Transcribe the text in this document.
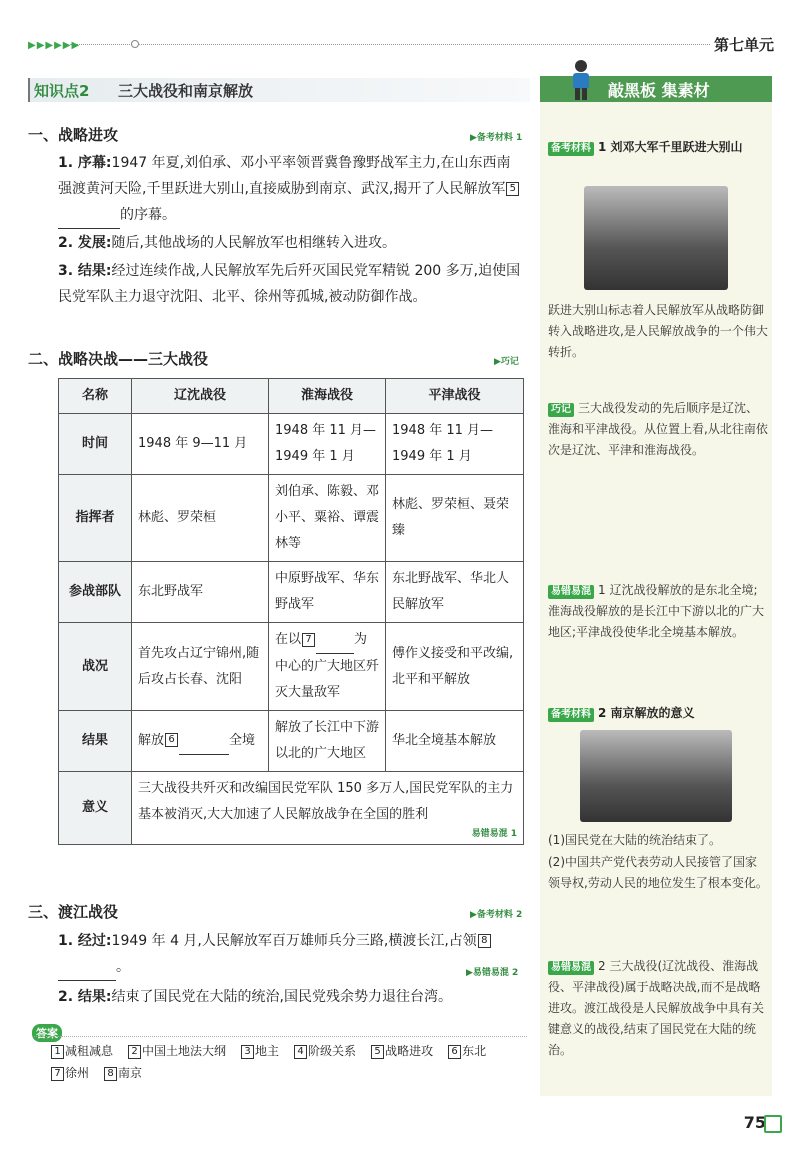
▶▶▶▶▶▶	第七单元
知识点2 三大战役和南京解放
一、战略进攻	▶备考材料 1
1. 序幕:1947 年夏,刘伯承、邓小平率领晋冀鲁豫野战军主力,在山东西南强渡黄河天险,千里跃进大别山,直接威胁到南京、武汉,揭开了人民解放军 5 的序幕。
2. 发展:随后,其他战场的人民解放军也相继转入进攻。
3. 结果:经过连续作战,人民解放军先后歼灭国民党军精锐 200 多万,迫使国民党军队主力退守沈阳、北平、徐州等孤城,被动防御作战。
二、战略决战——三大战役	▶巧记
名称	辽沈战役	淮海战役	平津战役
时间	1948 年 9—11 月	1948 年 11 月—1949 年 1 月	1948 年 11 月—1949 年 1 月
指挥者	林彪、罗荣桓	刘伯承、陈毅、邓小平、粟裕、谭震林等	林彪、罗荣桓、聂荣臻
参战部队	东北野战军	中原野战军、华东野战军	东北野战军、华北人民解放军
战况	首先攻占辽宁锦州,随后攻占长春、沈阳	在以 7 为中心的广大地区歼灭大量敌军	傅作义接受和平改编,北平和平解放
结果	解放 6 全境	解放了长江中下游以北的广大地区	华北全境基本解放
意义	三大战役共歼灭和改编国民党军队 150 多万人,国民党军队的主力基本被消灭,大大加速了人民解放战争在全国的胜利
易错易混 1		
三、渡江战役	▶备考材料 2
1. 经过:1949 年 4 月,人民解放军百万雄师兵分三路,横渡长江,占领 8 。	▶易错易混 2
2. 结果:结束了国民党在大陆的统治,国民党残余势力退往台湾。
答案
1 减租减息 2 中国土地法大纲 3 地主 4 阶级关系 5 战略进攻 6 东北
7 徐州 8 南京
敲黑板 集素材
备考材料 1 刘邓大军千里跃进大别山
跃进大别山标志着人民解放军从战略防御转入战略进攻,是人民解放战争的一个伟大转折。
巧记 三大战役发动的先后顺序是辽沈、淮海和平津战役。从位置上看,从北往南依次是辽沈、平津和淮海战役。
易错易混 1 辽沈战役解放的是东北全境;淮海战役解放的是长江中下游以北的广大地区;平津战役使华北全境基本解放。
备考材料 2 南京解放的意义
(1)国民党在大陆的统治结束了。
(2)中国共产党代表劳动人民接管了国家领导权,劳动人民的地位发生了根本变化。
易错易混 2 三大战役(辽沈战役、淮海战役、平津战役)属于战略决战,而不是战略进攻。渡江战役是人民解放战争中具有关键意义的战役,结束了国民党在大陆的统治。
75
